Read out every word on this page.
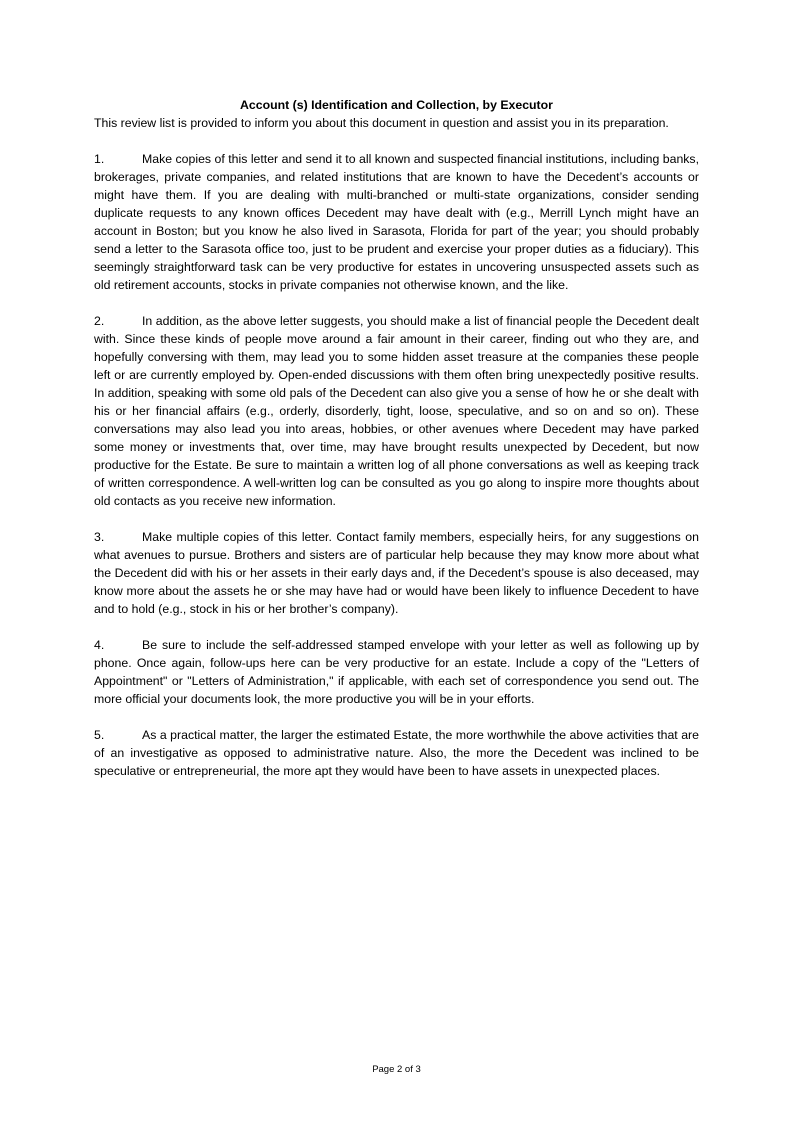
Account (s) Identification and Collection, by Executor

This review list is provided to inform you about this document in question and assist you in its preparation.

1.	Make copies of this letter and send it to all known and suspected financial institutions, including banks, brokerages, private companies, and related institutions that are known to have the Decedent’s accounts or might have them. If you are dealing with multi-branched or multi-state organizations, consider sending duplicate requests to any known offices Decedent may have dealt with (e.g., Merrill Lynch might have an account in Boston; but you know he also lived in Sarasota, Florida for part of the year; you should probably send a letter to the Sarasota office too, just to be prudent and exercise your proper duties as a fiduciary). This seemingly straightforward task can be very productive for estates in uncovering unsuspected assets such as old retirement accounts, stocks in private companies not otherwise known, and the like.

2.	In addition, as the above letter suggests, you should make a list of financial people the Decedent dealt with. Since these kinds of people move around a fair amount in their career, finding out who they are, and hopefully conversing with them, may lead you to some hidden asset treasure at the companies these people left or are currently employed by. Open-ended discussions with them often bring unexpectedly positive results. In addition, speaking with some old pals of the Decedent can also give you a sense of how he or she dealt with his or her financial affairs (e.g., orderly, disorderly, tight, loose, speculative, and so on and so on). These conversations may also lead you into areas, hobbies, or other avenues where Decedent may have parked some money or investments that, over time, may have brought results unexpected by Decedent, but now productive for the Estate. Be sure to maintain a written log of all phone conversations as well as keeping track of written correspondence. A well-written log can be consulted as you go along to inspire more thoughts about old contacts as you receive new information.

3.	Make multiple copies of this letter. Contact family members, especially heirs, for any suggestions on what avenues to pursue. Brothers and sisters are of particular help because they may know more about what the Decedent did with his or her assets in their early days and, if the Decedent’s spouse is also deceased, may know more about the assets he or she may have had or would have been likely to influence Decedent to have and to hold (e.g., stock in his or her brother’s company).

4.	Be sure to include the self-addressed stamped envelope with your letter as well as following up by phone. Once again, follow-ups here can be very productive for an estate. Include a copy of the "Letters of Appointment" or "Letters of Administration," if applicable, with each set of correspondence you send out. The more official your documents look, the more productive you will be in your efforts.

5.	As a practical matter, the larger the estimated Estate, the more worthwhile the above activities that are of an investigative as opposed to administrative nature. Also, the more the Decedent was inclined to be speculative or entrepreneurial, the more apt they would have been to have assets in unexpected places.

Page 2 of 3
